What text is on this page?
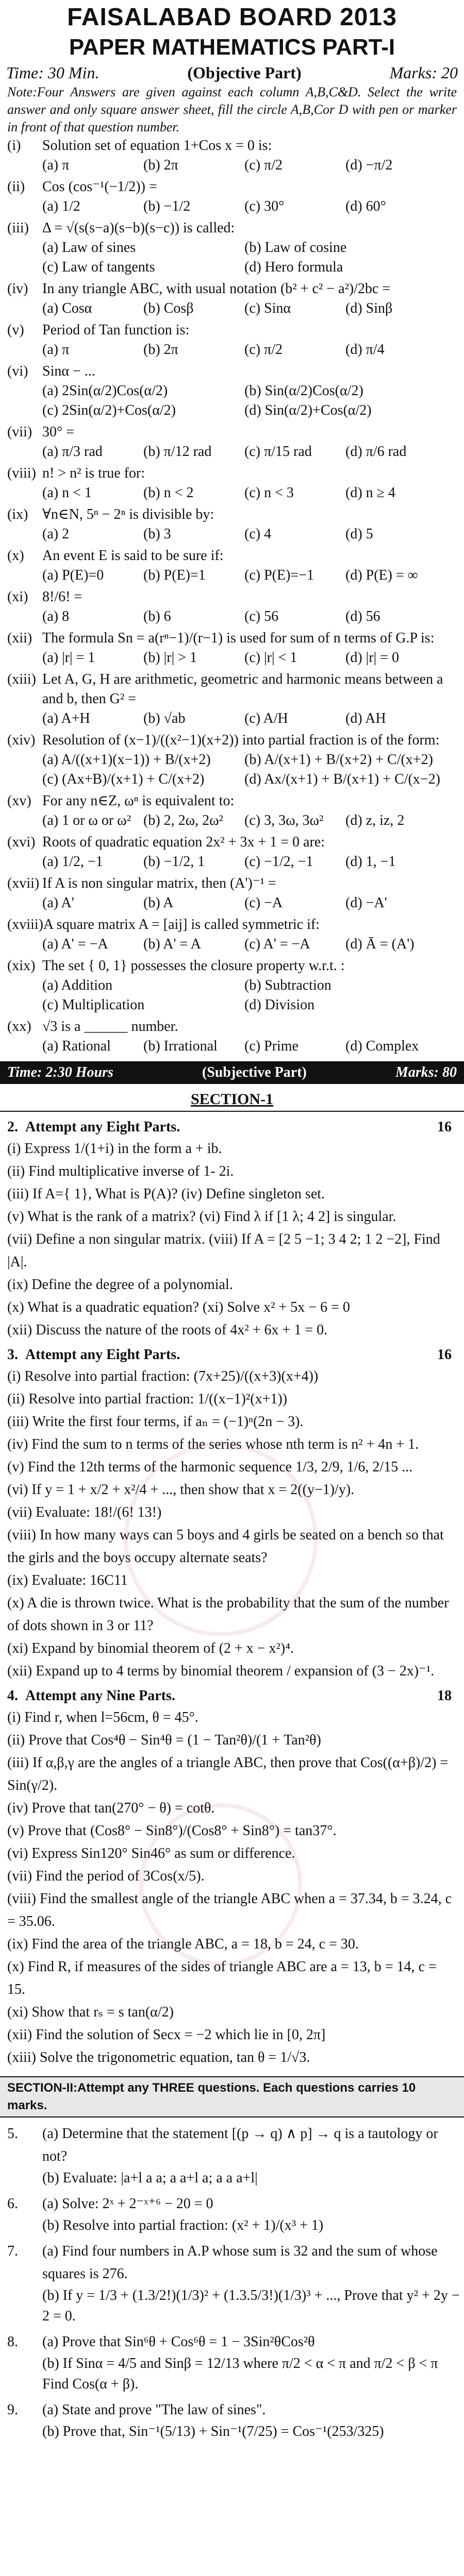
FAISALABAD BOARD 2013
PAPER MATHEMATICS PART-I
Time: 30 Min.	(Objective Part)	Marks: 20
Note:Four Answers are given against each column A,B,C&D. Select the write answer and only square answer sheet, fill the circle A,B,Cor D with pen or marker in front of that question number.
(i)	Solution set of equation 1+Cos x = 0 is:
(a) π	(b) 2π	(c) π/2	(d) −π/2
(ii)	Cos (cos⁻¹(−1/2)) =
(a) 1/2	(b) −1/2	(c) 30°	(d) 60°
(iii) Δ = √(s(s−a)(s−b)(s−c)) is called:
(a) Law of sines	(b) Law of cosine
(c) Law of tangents	(d) Hero formula
(iv) In any triangle ABC, with usual notation (b² + c² − a²)/2bc =
(a) Cosα	(b) Cosβ	(c) Sinα	(d) Sinβ
(v)	Period of Tan function is:
(a) π	(b) 2π	(c) π/2	(d) π/4
(vi) Sinα − ...
(a) 2Sin(α/2)Cos(α/2)	(b) Sin(α/2)Cos(α/2)
(c) 2Sin(α/2)+Cos(α/2)	(d) Sin(α/2)+Cos(α/2)
(vii) 30° =
(a) π/3 rad	(b) π/12 rad	(c) π/15 rad	(d) π/6 rad
(viii) n! > n² is true for:
(a) n < 1	(b) n < 2	(c) n < 3	(d) n ≥ 4
(ix) ∀n∈N, 5ⁿ − 2ⁿ is divisible by:
(a) 2	(b) 3	(c) 4	(d) 5
(x)	An event E is said to be sure if:
(a) P(E)=0	(b) P(E)=1	(c) P(E)=−1	(d) P(E) = ∞
(xi) 8!/6! =
(a) 8	(b) 6	(c) 56	(d) 56
(xii) The formula Sn = a(rⁿ−1)/(r−1) is used for sum of n terms of G.P is:
(a) |r| = 1	(b) |r| > 1	(c) |r| < 1	(d) |r| = 0
(xiii) Let A, G, H are arithmetic, geometric and harmonic means between a and b, then G² =
(a) A+H	(b) √ab	(c) A/H	(d) AH
(xiv) Resolution of (x−1)/((x²−1)(x+2)) into partial fraction is of the form:
(a) A/((x+1)(x−1)) + B/(x+2)	(b) A/(x+1) + B/(x+2) + C/(x+2)
(c) (Ax+B)/(x+1) + C/(x+2)	(d) Ax/(x+1) + B/(x+1) + C/(x−2)
(xv) For any n∈Z, ωⁿ is equivalent to:
(a) 1 or ω or ω² (b) 2, 2ω, 2ω²	(c) 3, 3ω, 3ω²	(d) z, iz, 2
(xvi) Roots of quadratic equation 2x² + 3x + 1 = 0 are:
(a) 1/2, −1	(b) −1/2, 1	(c) −1/2, −1	(d) 1, −1
(xvii) If A is non singular matrix, then (A')⁻¹ =
(a) A'	(b) A	(c) −A	(d) −A'
(xviii) A square matrix A = [aij] is called symmetric if:
(a) A' = −A	(b) A' = A	(c) A' = −A	(d) Ā = (A')
(xix) The set { 0, 1} possesses the closure property w.r.t. :
(a) Addition	(b) Subtraction
(c) Multiplication	(d) Division
(xx) √3 is a ______ number.
(a) Rational	(b) Irrational	(c) Prime	(d) Complex
Time: 2:30 Hours	(Subjective Part)	Marks: 80
SECTION-1
2. Attempt any Eight Parts.	16
(i) Express 1/(1+i) in the form a + ib.
(ii) Find multiplicative inverse of 1- 2i.
(iii) If A={ 1}, What is P(A)? (iv) Define singleton set.
(v) What is the rank of a matrix? (vi) Find λ if [1 λ; 4 2] is singular.
(vii) Define a non singular matrix. (viii) If A = [2 5 −1; 3 4 2; 1 2 −2], Find |A|.
(ix) Define the degree of a polynomial.
(x) What is a quadratic equation? (xi) Solve x² + 5x − 6 = 0
(xii) Discuss the nature of the roots of 4x² + 6x + 1 = 0.
3. Attempt any Eight Parts.	16
(i) Resolve into partial fraction: (7x+25)/((x+3)(x+4))
(ii) Resolve into partial fraction: 1/((x−1)²(x+1))
(iii) Write the first four terms, if aₙ = (−1)ⁿ(2n − 3).
(iv) Find the sum to n terms of the series whose nth term is n² + 4n + 1.
(v) Find the 12th terms of the harmonic sequence 1/3, 2/9, 1/6, 2/15 ...
(vi) If y = 1 + x/2 + x²/4 + ..., then show that x = 2((y−1)/y).
(vii) Evaluate: 18!/(6! 13!)
(viii) In how many ways can 5 boys and 4 girls be seated on a bench so that the girls and the boys occupy alternate seats?
(ix) Evaluate: 16C11
(x) A die is thrown twice. What is the probability that the sum of the number of dots shown in 3 or 11?
(xi) Expand by binomial theorem of (2 + x − x²)⁴.
(xii) Expand up to 4 terms by binomial theorem / expansion of (3 − 2x)⁻¹.
4. Attempt any Nine Parts.	18
(i) Find r, when l=56cm, θ = 45°.
(ii) Prove that Cos⁴θ − Sin⁴θ = (1 − Tan²θ)/(1 + Tan²θ)
(iii) If α,β,γ are the angles of a triangle ABC, then prove that Cos((α+β)/2) = Sin(γ/2).
(iv) Prove that tan(270° − θ) = cotθ.
(v) Prove that (Cos8° − Sin8°)/(Cos8° + Sin8°) = tan37°.
(vi) Express Sin120° Sin46° as sum or difference.
(vii) Find the period of 3Cos(x/5).
(viii) Find the smallest angle of the triangle ABC when a = 37.34, b = 3.24, c = 35.06.
(ix) Find the area of the triangle ABC, a = 18, b = 24, c = 30.
(x) Find R, if measures of the sides of triangle ABC are a = 13, b = 14, c = 15.
(xi) Show that rₛ = s tan(α/2)
(xii) Find the solution of Secx = −2 which lie in [0, 2π]
(xiii) Solve the trigonometric equation, tan θ = 1/√3.
SECTION-II:Attempt any THREE questions. Each questions carries 10 marks.
5.	(a) Determine that the statement [(p → q) ∧ p] → q is a tautology or not?
(b) Evaluate: |a+l a a; a a+l a; a a a+l|
6.	(a) Solve: 2ˣ + 2⁻ˣ⁺⁶ − 20 = 0
(b) Resolve into partial fraction: (x² + 1)/(x³ + 1)
7.	(a) Find four numbers in A.P whose sum is 32 and the sum of whose squares is 276.
(b) If y = 1/3 + (1.3/2!)(1/3)² + (1.3.5/3!)(1/3)³ + ..., Prove that y² + 2y − 2 = 0.
8.	(a) Prove that Sin⁶θ + Cos⁶θ = 1 − 3Sin²θCos²θ
(b) If Sinα = 4/5 and Sinβ = 12/13 where π/2 < α < π and π/2 < β < π Find Cos(α + β).
9.	(a) State and prove "The law of sines".
(b) Prove that, Sin⁻¹(5/13) + Sin⁻¹(7/25) = Cos⁻¹(253/325)
